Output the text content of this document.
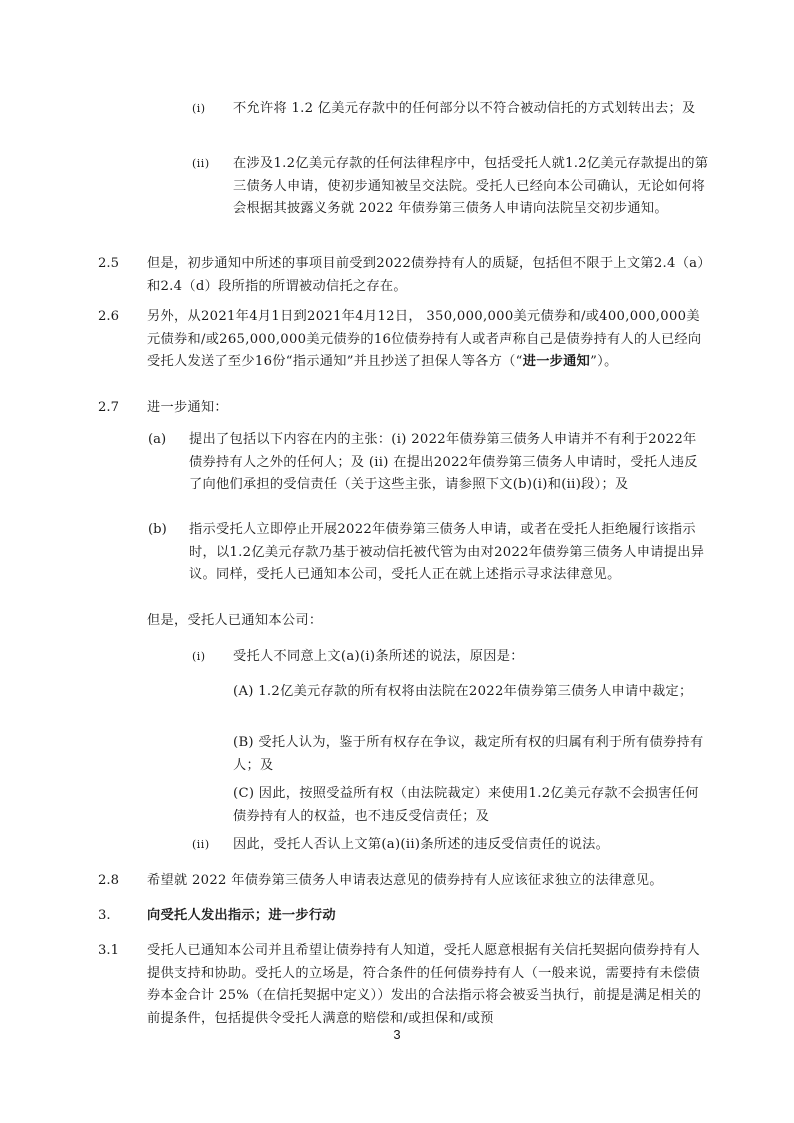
(i) 不允许将 1.2 亿美元存款中的任何部分以不符合被动信托的方式划转出去；及
(ii) 在涉及1.2亿美元存款的任何法律程序中，包括受托人就1.2亿美元存款提出的第三债务人申请，使初步通知被呈交法院。受托人已经向本公司确认，无论如何将会根据其披露义务就 2022 年债券第三债务人申请向法院呈交初步通知。
2.5 但是，初步通知中所述的事项目前受到2022债券持有人的质疑，包括但不限于上文第2.4（a）和2.4（d）段所指的所谓被动信托之存在。
2.6 另外，从2021年4月1日到2021年4月12日， 350,000,000美元债券和/或400,000,000美元债券和/或265,000,000美元债券的16位债券持有人或者声称自己是债券持有人的人已经向受托人发送了至少16份“指示通知”并且抄送了担保人等各方（“进一步通知”）。
2.7 进一步通知：
(a) 提出了包括以下内容在内的主张：(i) 2022年债券第三债务人申请并不有利于2022年债券持有人之外的任何人；及 (ii) 在提出2022年债券第三债务人申请时，受托人违反了向他们承担的受信责任（关于这些主张，请参照下文(b)(i)和(ii)段）；及
(b) 指示受托人立即停止开展2022年债券第三债务人申请，或者在受托人拒绝履行该指示时，以1.2亿美元存款乃基于被动信托被代管为由对2022年债券第三债务人申请提出异议。同样，受托人已通知本公司，受托人正在就上述指示寻求法律意见。
但是，受托人已通知本公司：
(i) 受托人不同意上文(a)(i)条所述的说法，原因是：
(A) 1.2亿美元存款的所有权将由法院在2022年债券第三债务人申请中裁定；
(B) 受托人认为，鉴于所有权存在争议，裁定所有权的归属有利于所有债券持有人；及
(C) 因此，按照受益所有权（由法院裁定）来使用1.2亿美元存款不会损害任何债券持有人的权益，也不违反受信责任；及
(ii) 因此，受托人否认上文第(a)(ii)条所述的违反受信责任的说法。
2.8 希望就 2022 年债券第三债务人申请表达意见的债券持有人应该征求独立的法律意见。
3.	向受托人发出指示；进一步行动
3.1 受托人已通知本公司并且希望让债券持有人知道，受托人愿意根据有关信托契据向债券持有人提供支持和协助。受托人的立场是，符合条件的任何债券持有人（一般来说，需要持有未偿债券本金合计 25%（在信托契据中定义））发出的合法指示将会被妥当执行，前提是满足相关的前提条件，包括提供令受托人满意的赔偿和/或担保和/或预
3
